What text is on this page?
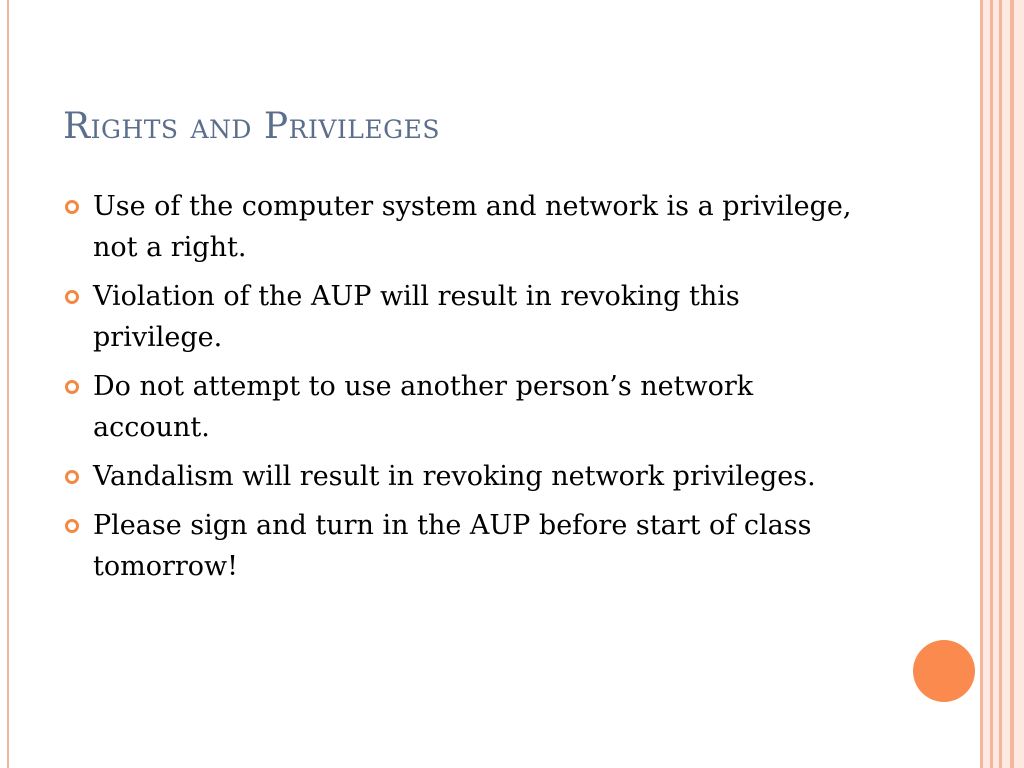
Rights and Privileges
Use of the computer system and network is a privilege, not a right.
Violation of the AUP will result in revoking this privilege.
Do not attempt to use another person’s network account.
Vandalism will result in revoking network privileges.
Please sign and turn in the AUP before start of class tomorrow!
